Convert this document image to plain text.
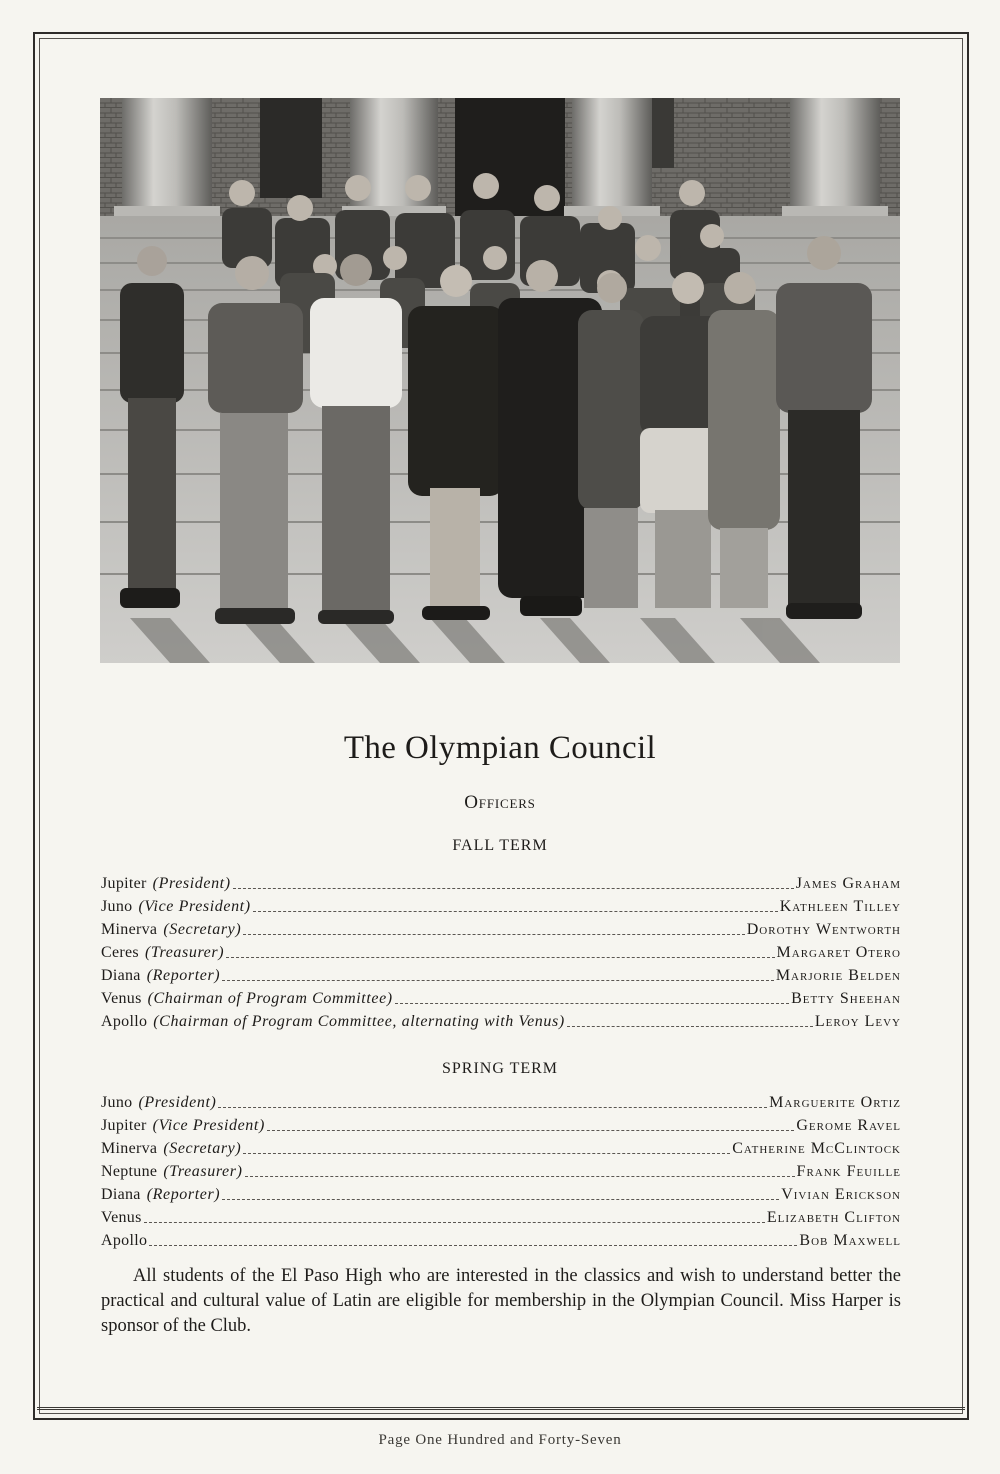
The Olympian Council
Officers
FALL TERM
Jupiter (President)	James Graham
Juno (Vice President)	Kathleen Tilley
Minerva (Secretary)	Dorothy Wentworth
Ceres (Treasurer)	Margaret Otero
Diana (Reporter)	Marjorie Belden
Venus (Chairman of Program Committee)	Betty Sheehan
Apollo (Chairman of Program Committee, alternating with Venus)	Leroy Levy
SPRING TERM
Juno (President)	Marguerite Ortiz
Jupiter (Vice President)	Gerome Ravel
Minerva (Secretary)	Catherine McClintock
Neptune (Treasurer)	Frank Feuille
Diana (Reporter)	Vivian Erickson
Venus	Elizabeth Clifton
Apollo	Bob Maxwell

All students of the El Paso High who are interested in the classics and wish to understand better the practical and cultural value of Latin are eligible for membership in the Olympian Council. Miss Harper is sponsor of the Club.

Page One Hundred and Forty-Seven
